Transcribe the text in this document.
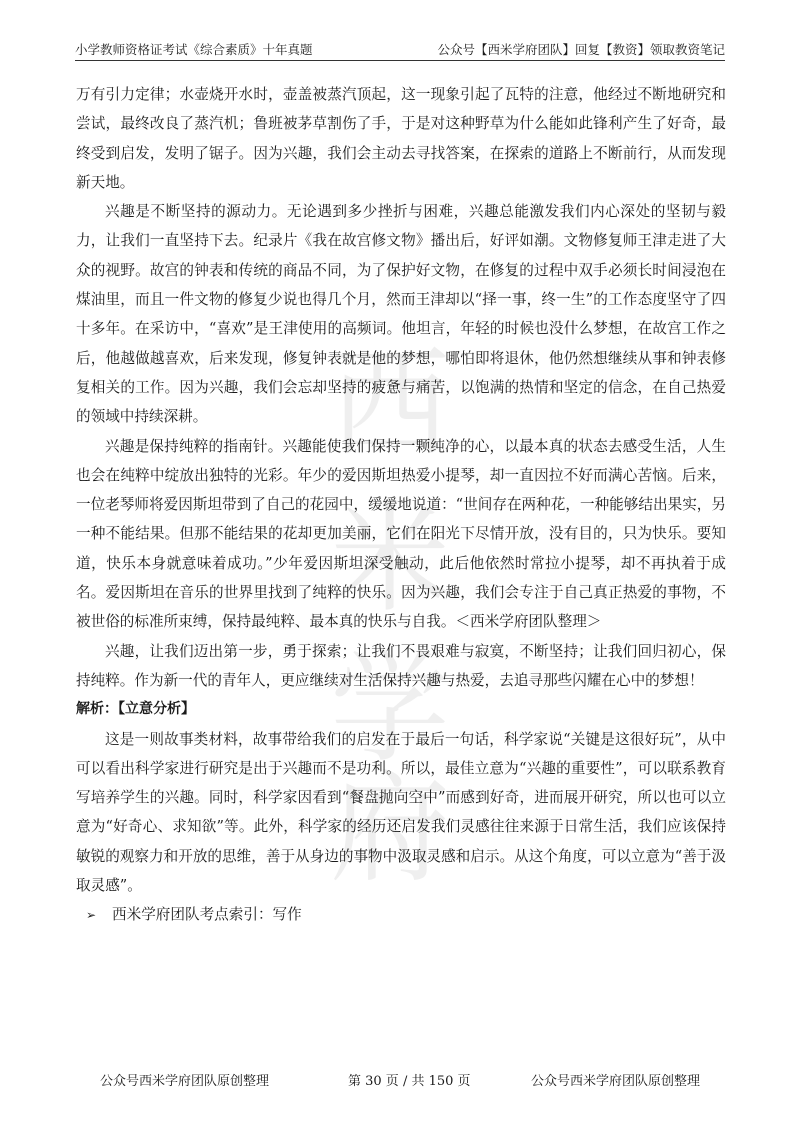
小学教师资格证考试《综合素质》十年真题	公众号【西米学府团队】回复【教资】领取教资笔记
西
米
学府

万有引力定律；水壶烧开水时，壶盖被蒸汽顶起，这一现象引起了瓦特的注意，他经过不断地研究和尝试，最终改良了蒸汽机；鲁班被茅草割伤了手，于是对这种野草为什么能如此锋利产生了好奇，最终受到启发，发明了锯子。因为兴趣，我们会主动去寻找答案，在探索的道路上不断前行，从而发现新天地。

兴趣是不断坚持的源动力。无论遇到多少挫折与困难，兴趣总能激发我们内心深处的坚韧与毅力，让我们一直坚持下去。纪录片《我在故宫修文物》播出后，好评如潮。文物修复师王津走进了大众的视野。故宫的钟表和传统的商品不同，为了保护好文物，在修复的过程中双手必须长时间浸泡在煤油里，而且一件文物的修复少说也得几个月，然而王津却以“择一事，终一生”的工作态度坚守了四十多年。在采访中，“喜欢”是王津使用的高频词。他坦言，年轻的时候也没什么梦想，在故宫工作之后，他越做越喜欢，后来发现，修复钟表就是他的梦想，哪怕即将退休，他仍然想继续从事和钟表修复相关的工作。因为兴趣，我们会忘却坚持的疲惫与痛苦，以饱满的热情和坚定的信念，在自己热爱的领域中持续深耕。

兴趣是保持纯粹的指南针。兴趣能使我们保持一颗纯净的心，以最本真的状态去感受生活，人生也会在纯粹中绽放出独特的光彩。年少的爱因斯坦热爱小提琴，却一直因拉不好而满心苦恼。后来，一位老琴师将爱因斯坦带到了自己的花园中，缓缓地说道：“世间存在两种花，一种能够结出果实，另一种不能结果。但那不能结果的花却更加美丽，它们在阳光下尽情开放，没有目的，只为快乐。要知道，快乐本身就意味着成功。”少年爱因斯坦深受触动，此后他依然时常拉小提琴，却不再执着于成名。爱因斯坦在音乐的世界里找到了纯粹的快乐。因为兴趣，我们会专注于自己真正热爱的事物，不被世俗的标准所束缚，保持最纯粹、最本真的快乐与自我。＜西米学府团队整理＞

兴趣，让我们迈出第一步，勇于探索；让我们不畏艰难与寂寞，不断坚持；让我们回归初心，保持纯粹。作为新一代的青年人，更应继续对生活保持兴趣与热爱，去追寻那些闪耀在心中的梦想！

解析：【立意分析】

这是一则故事类材料，故事带给我们的启发在于最后一句话，科学家说“关键是这很好玩”，从中可以看出科学家进行研究是出于兴趣而不是功利。所以，最佳立意为“兴趣的重要性”，可以联系教育写培养学生的兴趣。同时，科学家因看到“餐盘抛向空中”而感到好奇，进而展开研究，所以也可以立意为“好奇心、求知欲”等。此外，科学家的经历还启发我们灵感往往来源于日常生活，我们应该保持敏锐的观察力和开放的思维，善于从身边的事物中汲取灵感和启示。从这个角度，可以立意为“善于汲取灵感”。

➢ 西米学府团队考点索引：写作

公众号西米学府团队原创整理	第 30 页 / 共 150 页	公众号西米学府团队原创整理
